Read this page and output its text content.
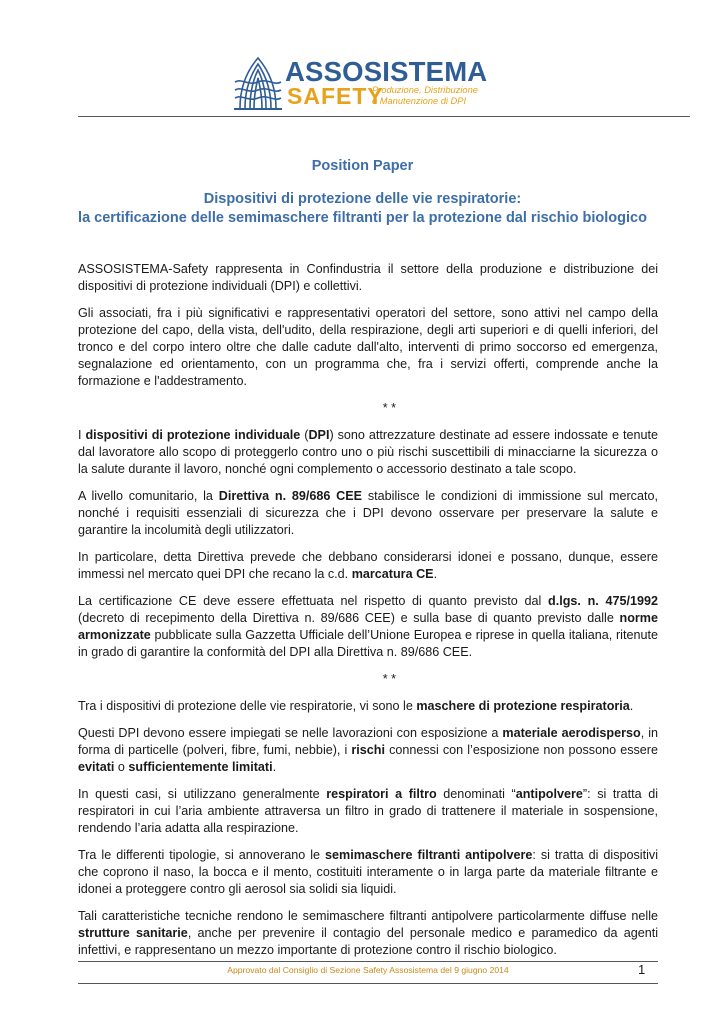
ASSOSISTEMA
SAFETY
Produzione, Distribuzione
e Manutenzione di DPI
Position Paper
Dispositivi di protezione delle vie respiratorie:
la certificazione delle semimaschere filtranti per la protezione dal rischio biologico

ASSOSISTEMA-Safety rappresenta in Confindustria il settore della produzione e distribuzione dei dispositivi di protezione individuali (DPI) e collettivi.

Gli associati, fra i più significativi e rappresentativi operatori del settore, sono attivi nel campo della protezione del capo, della vista, dell'udito, della respirazione, degli arti superiori e di quelli inferiori, del tronco e del corpo intero oltre che dalle cadute dall'alto, interventi di primo soccorso ed emergenza, segnalazione ed orientamento, con un programma che, fra i servizi offerti, comprende anche la formazione e l'addestramento.

* *

I dispositivi di protezione individuale (DPI) sono attrezzature destinate ad essere indossate e tenute dal lavoratore allo scopo di proteggerlo contro uno o più rischi suscettibili di minacciarne la sicurezza o la salute durante il lavoro, nonché ogni complemento o accessorio destinato a tale scopo.

A livello comunitario, la Direttiva n. 89/686 CEE stabilisce le condizioni di immissione sul mercato, nonché i requisiti essenziali di sicurezza che i DPI devono osservare per preservare la salute e garantire la incolumità degli utilizzatori.

In particolare, detta Direttiva prevede che debbano considerarsi idonei e possano, dunque, essere immessi nel mercato quei DPI che recano la c.d. marcatura CE.

La certificazione CE deve essere effettuata nel rispetto di quanto previsto dal d.lgs. n. 475/1992 (decreto di recepimento della Direttiva n. 89/686 CEE) e sulla base di quanto previsto dalle norme armonizzate pubblicate sulla Gazzetta Ufficiale dell’Unione Europea e riprese in quella italiana, ritenute in grado di garantire la conformità del DPI alla Direttiva n. 89/686 CEE.

* *

Tra i dispositivi di protezione delle vie respiratorie, vi sono le maschere di protezione respiratoria.

Questi DPI devono essere impiegati se nelle lavorazioni con esposizione a materiale aerodisperso, in forma di particelle (polveri, fibre, fumi, nebbie), i rischi connessi con l’esposizione non possono essere evitati o sufficientemente limitati.

In questi casi, si utilizzano generalmente respiratori a filtro denominati “antipolvere”: si tratta di respiratori in cui l’aria ambiente attraversa un filtro in grado di trattenere il materiale in sospensione, rendendo l’aria adatta alla respirazione.

Tra le differenti tipologie, si annoverano le semimaschere filtranti antipolvere: si tratta di dispositivi che coprono il naso, la bocca e il mento, costituiti interamente o in larga parte da materiale filtrante e idonei a proteggere contro gli aerosol sia solidi sia liquidi.

Tali caratteristiche tecniche rendono le semimaschere filtranti antipolvere particolarmente diffuse nelle strutture sanitarie, anche per prevenire il contagio del personale medico e paramedico da agenti infettivi, e rappresentano un mezzo importante di protezione contro il rischio biologico.

Approvato dal Consiglio di Sezione Safety Assosistema del 9 giugno 2014	1
